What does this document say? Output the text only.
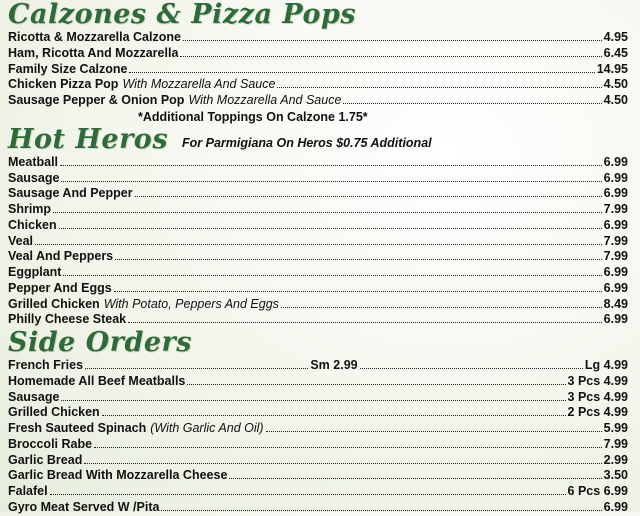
Calzones & Pizza Pops
Ricotta & Mozzarella Calzone	4.95
Ham, Ricotta And Mozzarella	6.45
Family Size Calzone	14.95
Chicken Pizza Pop With Mozzarella And Sauce	4.50
Sausage Pepper & Onion Pop With Mozzarella And Sauce	4.50
*Additional Toppings On Calzone 1.75*
Hot Heros For Parmigiana On Heros $0.75 Additional
Meatball	6.99
Sausage	6.99
Sausage And Pepper	6.99
Shrimp	7.99
Chicken	6.99
Veal	7.99
Veal And Peppers	7.99
Eggplant	6.99
Pepper And Eggs	6.99
Grilled Chicken With Potato, Peppers And Eggs	8.49
Philly Cheese Steak	6.99
Side Orders
French Fries	Sm 2.99	Lg 4.99
Homemade All Beef Meatballs	3 Pcs 4.99
Sausage	3 Pcs 4.99
Grilled Chicken	2 Pcs 4.99
Fresh Sauteed Spinach (With Garlic And Oil)	5.99
Broccoli Rabe	7.99
Garlic Bread	2.99
Garlic Bread With Mozzarella Cheese	3.50
Falafel	6 Pcs 6.99
Gyro Meat Served W /Pita	6.99
